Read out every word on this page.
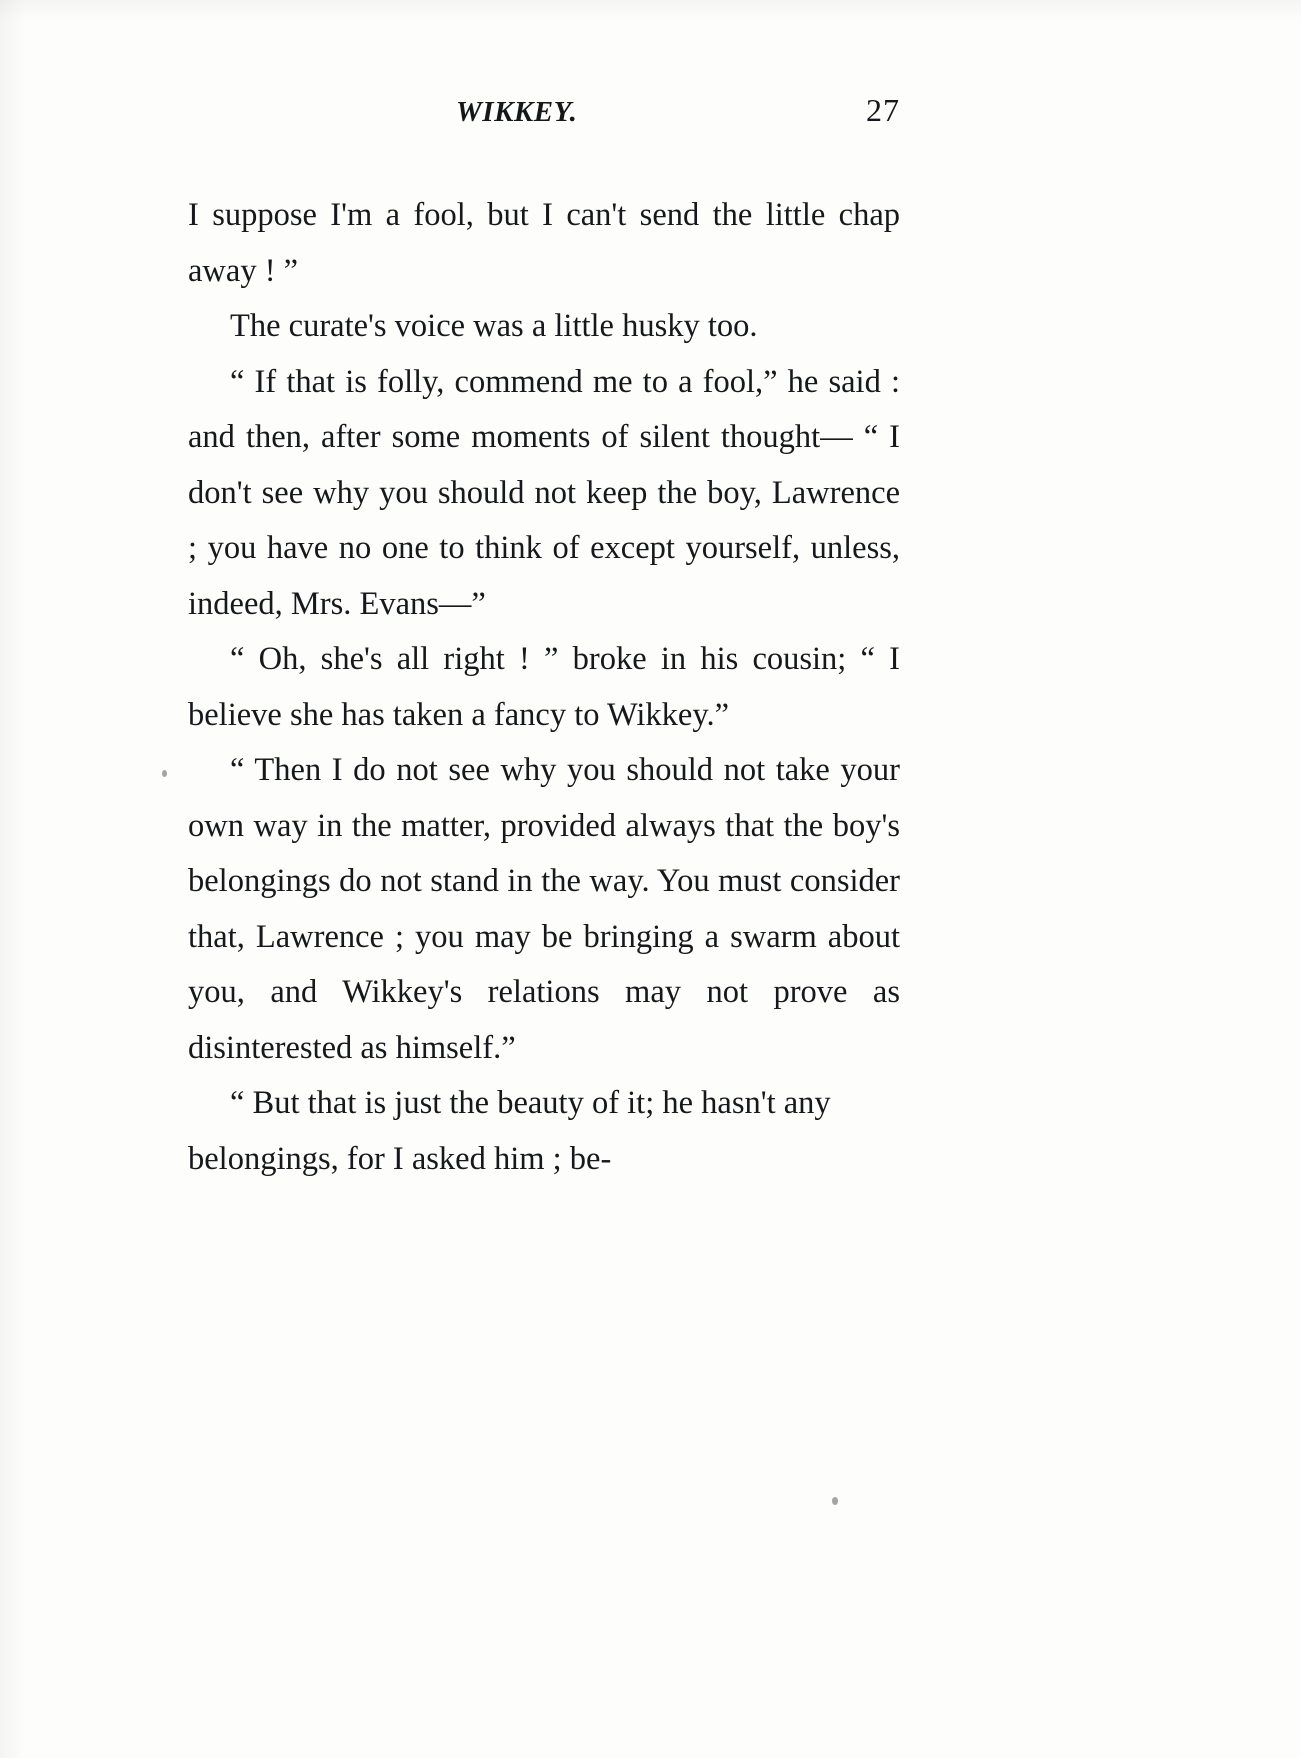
WIKKEY.	27

I suppose I'm a fool, but I can't send the little chap away ! ”

The curate's voice was a little husky too.

“ If that is folly, commend me to a fool,” he said : and then, after some moments of silent thought— “ I don't see why you should not keep the boy, Lawrence ; you have no one to think of except yourself, unless, indeed, Mrs. Evans—”

“ Oh, she's all right ! ” broke in his cousin; “ I believe she has taken a fancy to Wikkey.”

“ Then I do not see why you should not take your own way in the matter, provided always that the boy's belongings do not stand in the way. You must consider that, Lawrence ; you may be bringing a swarm about you, and Wikkey's relations may not prove as disinterested as himself.”

“ But that is just the beauty of it; he hasn't any belongings, for I asked him ; be-
